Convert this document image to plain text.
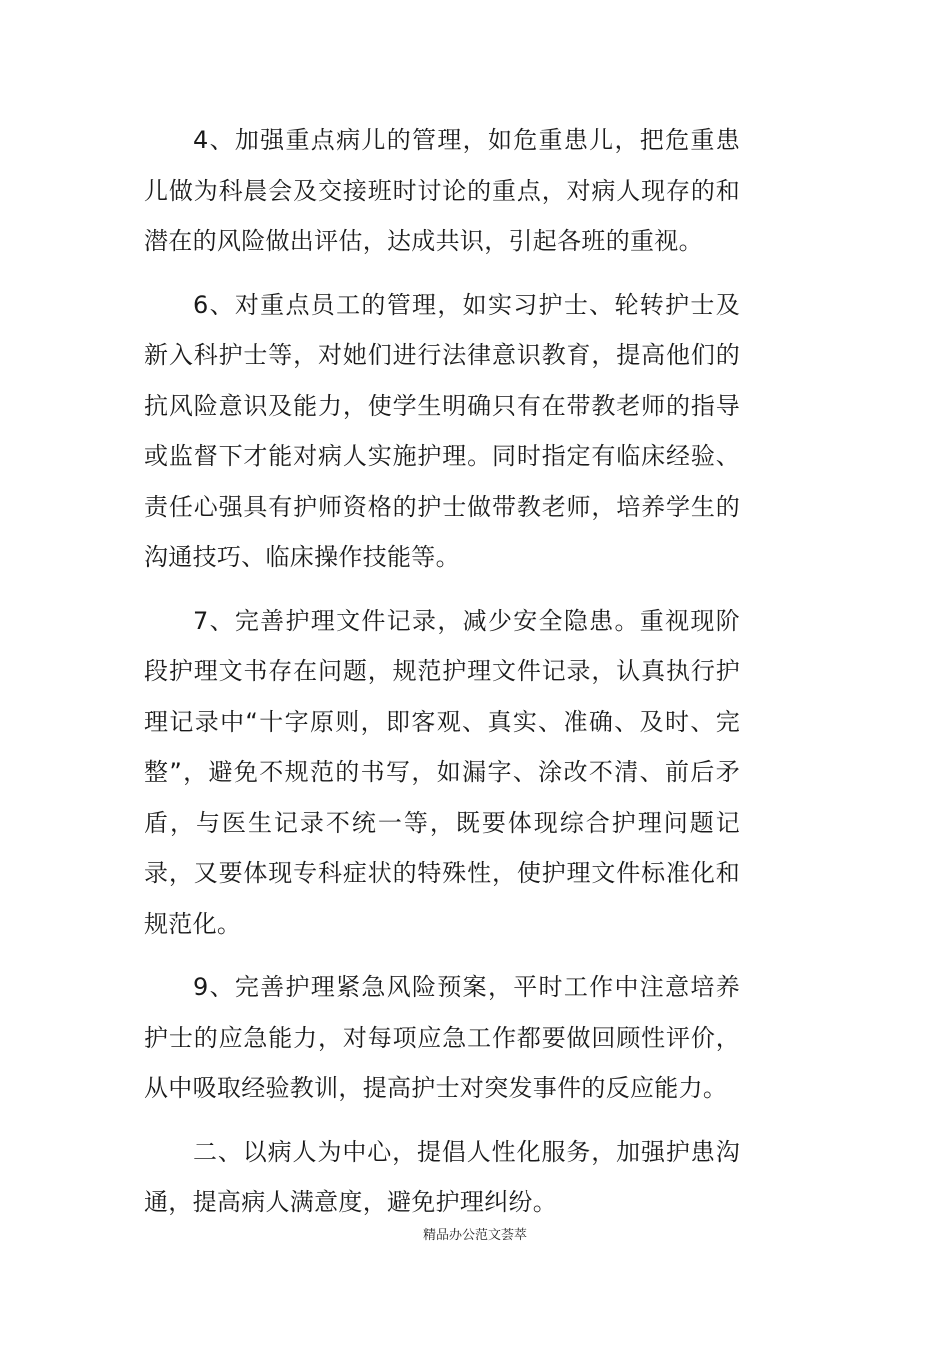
4、加强重点病儿的管理，如危重患儿，把危重患儿做为科晨会及交接班时讨论的重点，对病人现存的和潜在的风险做出评估，达成共识，引起各班的重视。

6、对重点员工的管理，如实习护士、轮转护士及新入科护士等，对她们进行法律意识教育，提高他们的抗风险意识及能力，使学生明确只有在带教老师的指导或监督下才能对病人实施护理。同时指定有临床经验、责任心强具有护师资格的护士做带教老师，培养学生的沟通技巧、临床操作技能等。

7、完善护理文件记录，减少安全隐患。重视现阶段护理文书存在问题，规范护理文件记录，认真执行护理记录中“十字原则，即客观、真实、准确、及时、完整”，避免不规范的书写，如漏字、涂改不清、前后矛盾，与医生记录不统一等，既要体现综合护理问题记录，又要体现专科症状的特殊性，使护理文件标准化和规范化。

9、完善护理紧急风险预案，平时工作中注意培养护士的应急能力，对每项应急工作都要做回顾性评价，从中吸取经验教训，提高护士对突发事件的反应能力。

二、以病人为中心，提倡人性化服务，加强护患沟通，提高病人满意度，避免护理纠纷。

精品办公范文荟萃
